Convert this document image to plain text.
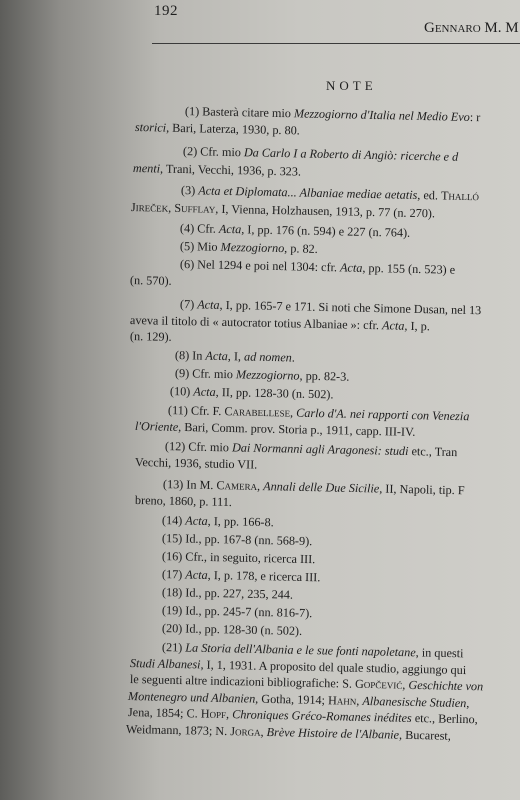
192
Gennaro M. M
NOTE
(1) Basterà citare mio Mezzogiorno d'Italia nel Medio Evo: r
storici, Bari, Laterza, 1930, p. 80.
(2) Cfr. mio Da Carlo I a Roberto di Angiò: ricerche e d
menti, Trani, Vecchi, 1936, p. 323.
(3) Acta et Diplomata... Albaniae mediae aetatis, ed. Thalló
Jireček, Sufflay, I, Vienna, Holzhausen, 1913, p. 77 (n. 270).
(4) Cfr. Acta, I, pp. 176 (n. 594) e 227 (n. 764).
(5) Mio Mezzogiorno, p. 82.
(6) Nel 1294 e poi nel 1304: cfr. Acta, pp. 155 (n. 523) e
(n. 570).
(7) Acta, I, pp. 165-7 e 171. Si noti che Simone Dusan, nel 13
aveva il titolo di « autocrator totius Albaniae »: cfr. Acta, I, p.
(n. 129).
(8) In Acta, I, ad nomen.
(9) Cfr. mio Mezzogiorno, pp. 82-3.
(10) Acta, II, pp. 128-30 (n. 502).
(11) Cfr. F. Carabellese, Carlo d'A. nei rapporti con Venezia
l'Oriente, Bari, Comm. prov. Storia p., 1911, capp. III-IV.
(12) Cfr. mio Dai Normanni agli Aragonesi: studi etc., Tran
Vecchi, 1936, studio VII.
(13) In M. Camera, Annali delle Due Sicilie, II, Napoli, tip. F
breno, 1860, p. 111.
(14) Acta, I, pp. 166-8.
(15) Id., pp. 167-8 (nn. 568-9).
(16) Cfr., in seguito, ricerca III.
(17) Acta, I, p. 178, e ricerca III.
(18) Id., pp. 227, 235, 244.
(19) Id., pp. 245-7 (nn. 816-7).
(20) Id., pp. 128-30 (n. 502).
(21) La Storia dell'Albania e le sue fonti napoletane, in questi
Studi Albanesi, I, 1, 1931. A proposito del quale studio, aggiungo qui
le seguenti altre indicazioni bibliografiche: S. Gopčević, Geschichte von
Montenegro und Albanien, Gotha, 1914; Hahn, Albanesische Studien,
Jena, 1854; C. Hopf, Chroniques Gréco-Romanes inédites etc., Berlino,
Weidmann, 1873; N. Jorga, Brève Histoire de l'Albanie, Bucarest,
